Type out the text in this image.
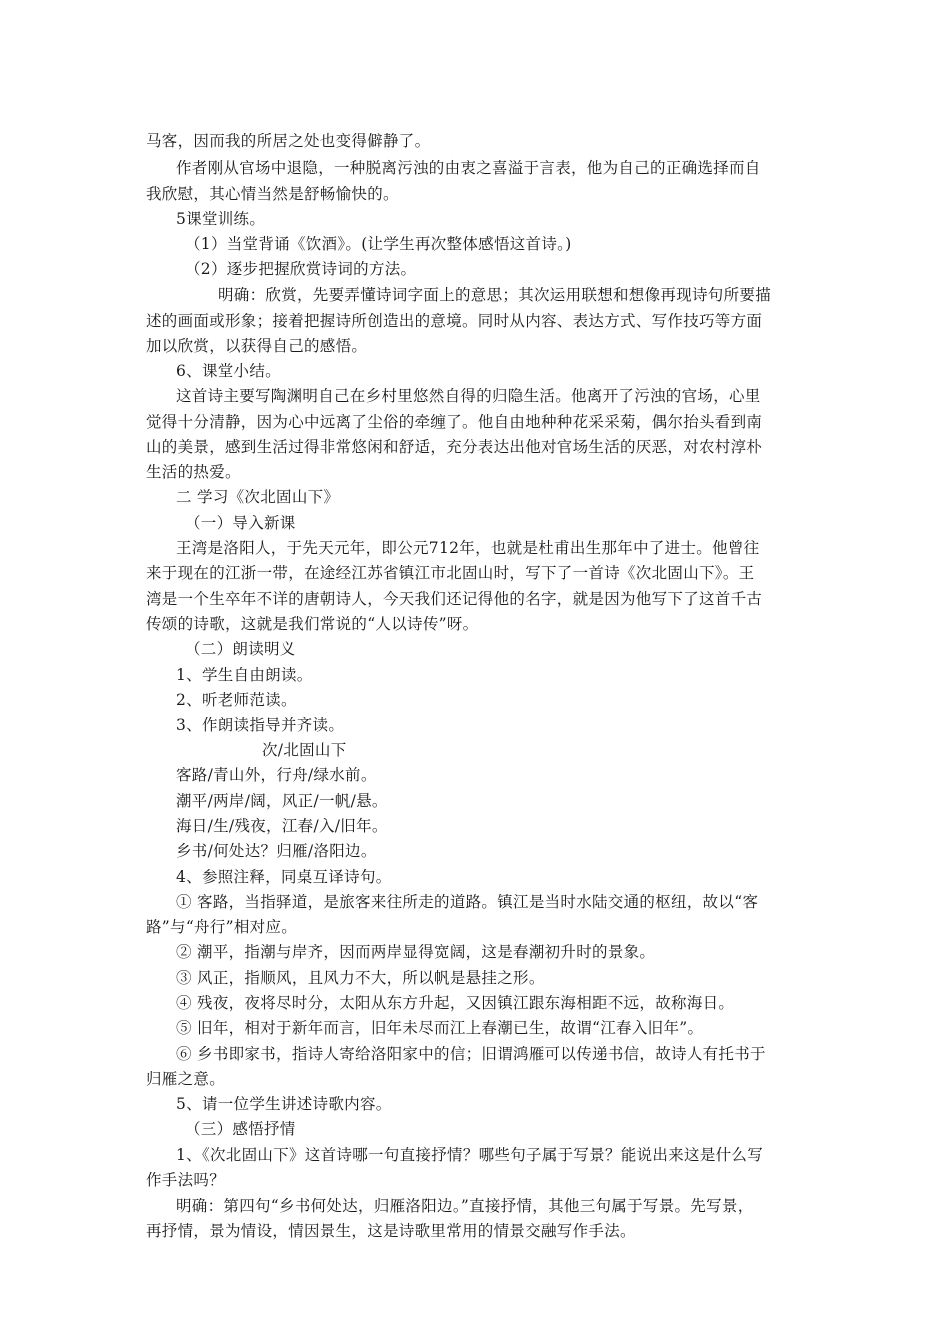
马客，因而我的所居之处也变得僻静了。
作者刚从官场中退隐，一种脱离污浊的由衷之喜溢于言表，他为自己的正确选择而自
我欣慰，其心情当然是舒畅愉快的。
5课堂训练。
（1）当堂背诵《饮酒》。(让学生再次整体感悟这首诗。)
（2）逐步把握欣赏诗词的方法。
明确：欣赏，先要弄懂诗词字面上的意思；其次运用联想和想像再现诗句所要描
述的画面或形象；接着把握诗所创造出的意境。同时从内容、表达方式、写作技巧等方面
加以欣赏，以获得自己的感悟。
6、课堂小结。
这首诗主要写陶渊明自己在乡村里悠然自得的归隐生活。他离开了污浊的官场，心里
觉得十分清静，因为心中远离了尘俗的牵缠了。他自由地种种花采采菊，偶尔抬头看到南
山的美景，感到生活过得非常悠闲和舒适，充分表达出他对官场生活的厌恶，对农村淳朴
生活的热爱。
二 学习《次北固山下》
（一）导入新课
王湾是洛阳人，于先天元年，即公元712年，也就是杜甫出生那年中了进士。他曾往
来于现在的江浙一带，在途经江苏省镇江市北固山时，写下了一首诗《次北固山下》。王
湾是一个生卒年不详的唐朝诗人，今天我们还记得他的名字，就是因为他写下了这首千古
传颂的诗歌，这就是我们常说的“人以诗传”呀。
（二）朗读明义
1、学生自由朗读。
2、听老师范读。
3、作朗读指导并齐读。
次/北固山下
客路/青山外，行舟/绿水前。
潮平/两岸/阔，风正/一帆/悬。
海日/生/残夜，江春/入/旧年。
乡书/何处达？归雁/洛阳边。
4、参照注释，同桌互译诗句。
① 客路，当指驿道，是旅客来往所走的道路。镇江是当时水陆交通的枢纽，故以“客
路”与“舟行”相对应。
② 潮平，指潮与岸齐，因而两岸显得宽阔，这是春潮初升时的景象。
③ 风正，指顺风，且风力不大，所以帆是悬挂之形。
④ 残夜，夜将尽时分，太阳从东方升起，又因镇江跟东海相距不远，故称海日。
⑤ 旧年，相对于新年而言，旧年未尽而江上春潮已生，故谓“江春入旧年”。
⑥ 乡书即家书，指诗人寄给洛阳家中的信；旧谓鸿雁可以传递书信，故诗人有托书于
归雁之意。
5、请一位学生讲述诗歌内容。
（三）感悟抒情
1、《次北固山下》这首诗哪一句直接抒情？哪些句子属于写景？能说出来这是什么写
作手法吗？
明确：第四句“乡书何处达，归雁洛阳边。”直接抒情，其他三句属于写景。先写景，
再抒情，景为情设，情因景生，这是诗歌里常用的情景交融写作手法。
